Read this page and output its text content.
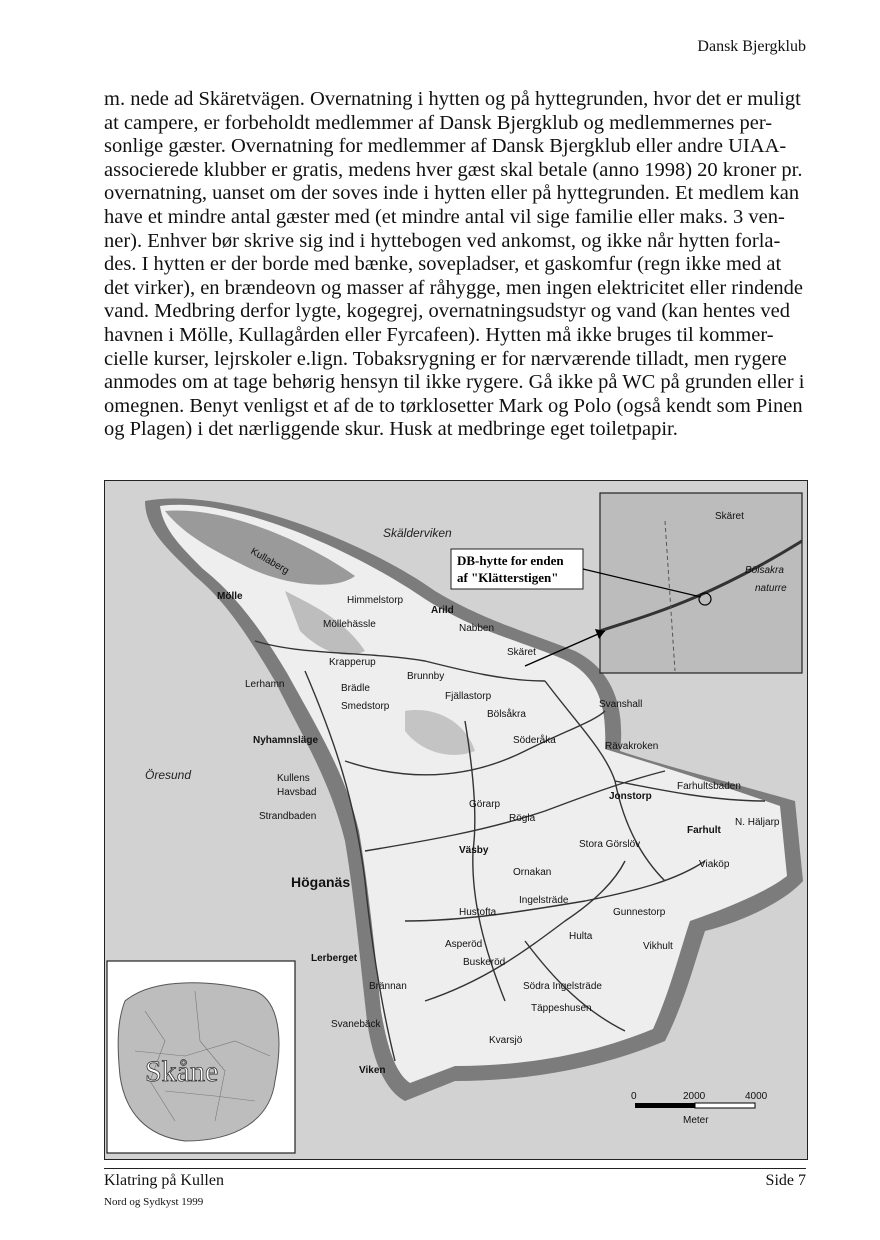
Dansk Bjergklub
m. nede ad Skäretvägen. Overnatning i hytten og på hyttegrunden, hvor det er muligt
at campere, er forbeholdt medlemmer af Dansk Bjergklub og medlemmernes per-
sonlige gæster. Overnatning for medlemmer af Dansk Bjergklub eller andre UIAA-
associerede klubber er gratis, medens hver gæst skal betale (anno 1998) 20 kroner pr.
overnatning, uanset om der soves inde i hytten eller på hyttegrunden. Et medlem kan
have et mindre antal gæster med (et mindre antal vil sige familie eller maks. 3 ven-
ner). Enhver bør skrive sig ind i hyttebogen ved ankomst, og ikke når hytten forla-
des. I hytten er der borde med bænke, sovepladser, et gaskomfur (regn ikke med at
det virker), en brændeovn og masser af råhygge, men ingen elektricitet eller rindende
vand. Medbring derfor lygte, kogegrej, overnatningsudstyr og vand (kan hentes ved
havnen i Mölle, Kullagården eller Fyrcafeen). Hytten må ikke bruges til kommer-
cielle kurser, lejrskoler e.lign. Tobaksrygning er for nærværende tilladt, men rygere
anmodes om at tage behørig hensyn til ikke rygere. Gå ikke på WC på grunden eller i
omegnen. Benyt venligst et af de to tørklosetter Mark og Polo (også kendt som Pinen
og Plagen) i det nærliggende skur. Husk at medbringe eget toiletpapir.
Skåne
Skäret
Bölsakra
naturre
DB-hytte for enden
af "Klätterstigen"
Skälderviken
Öresund
Kullaberg
Mölle	Himmelstorp
Arild
Möllehässle	Nabben
Skäret
Krapperup
Brunnby
Lerhamn	Brädle
Fjällastorp
Smedstorp
Bölsåkra
Svanshall
Nyhamnsläge	Söderåka
Rävakroken
Kullens
Havsbad
Görarp
Jonstorp
Farhultsbaden
Strandbaden	Rögla
Farhult
N. Häljarp
Väsby
Stora Görslöv
Höganäs
Ornakan
Viaköp
Ingelsträde
Hustofta	Gunnestorp
Asperöd
Hulta
Lerberget	Buskeröd
Vikhult
Brännan	Södra Ingelsträde
Täppeshusen
Svanebäck
Kvarsjö
Viken
0	2000	4000
Meter
Klatring på Kullen
Nord og Sydkyst 1999
Side 7
